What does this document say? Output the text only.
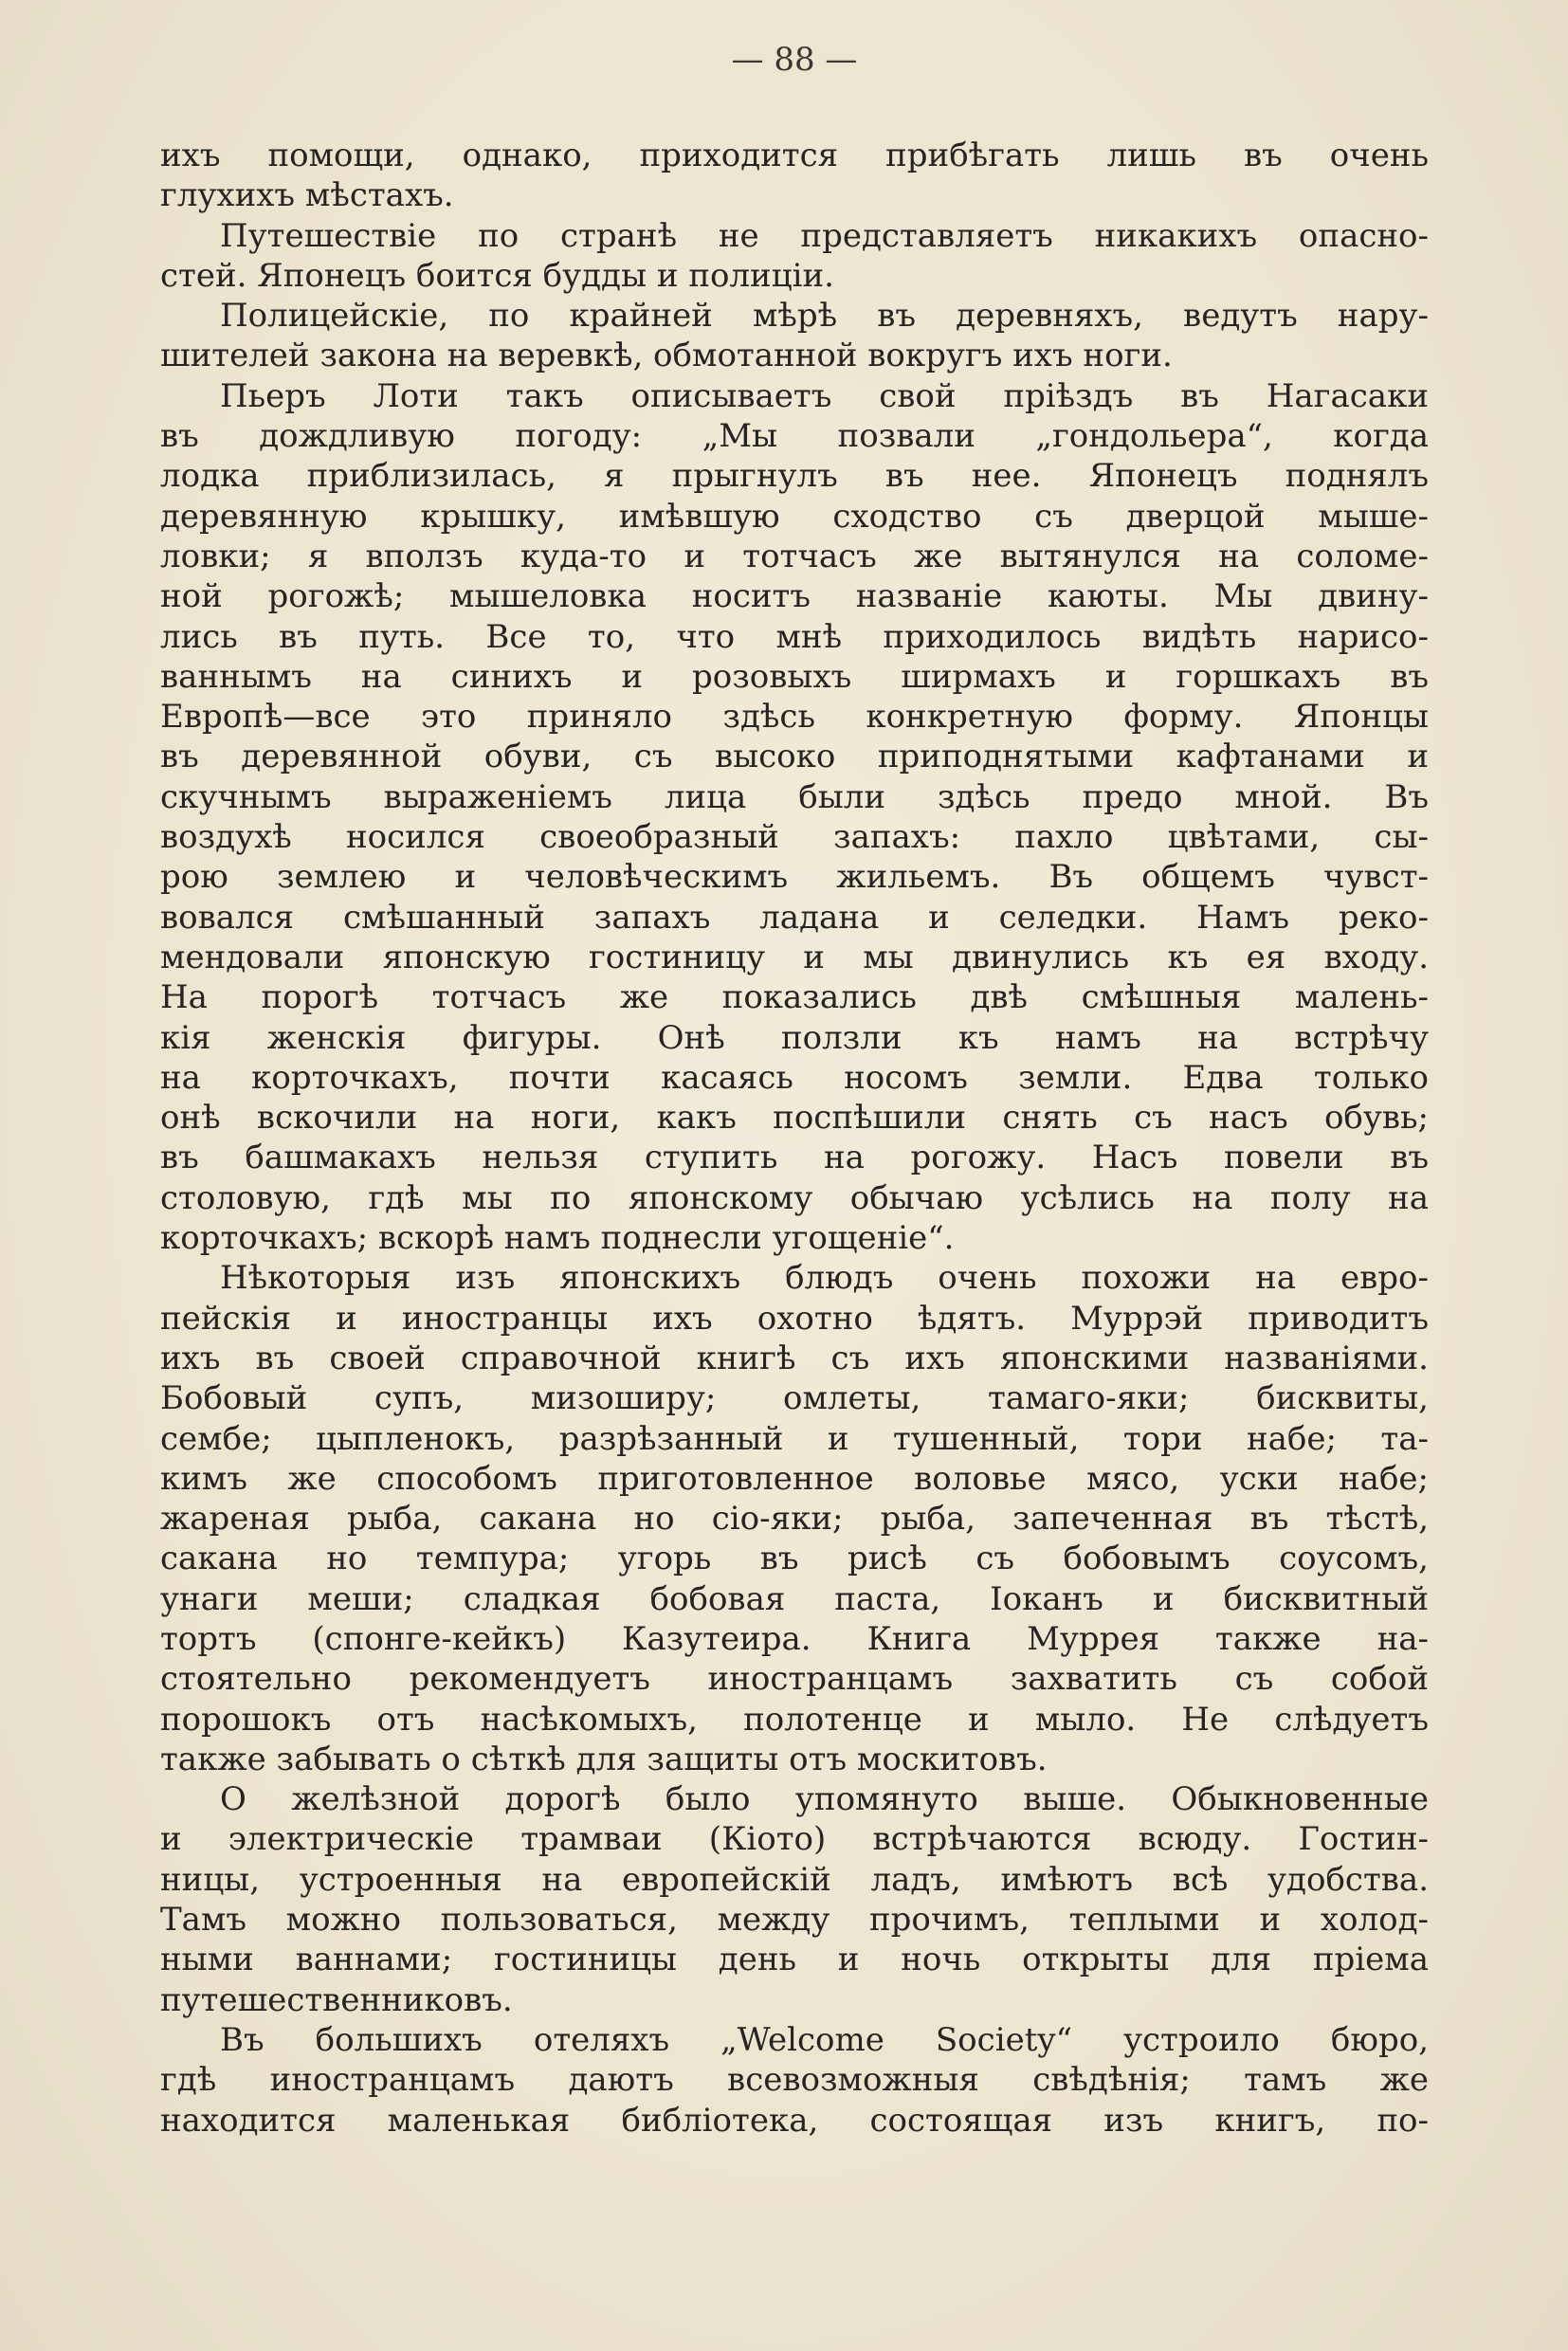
— 88 —
ихъ помощи, однако, приходится прибѣгать лишь въ очень
глухихъ мѣстахъ.
Путешествіе по странѣ не представляетъ никакихъ опасно-
стей. Японецъ боится будды и полиціи.
Полицейскіе, по крайней мѣрѣ въ деревняхъ, ведутъ нару-
шителей закона на веревкѣ, обмотанной вокругъ ихъ ноги.
Пьеръ Лоти такъ описываетъ свой пріѣздъ въ Нагасаки
въ дождливую погоду: „Мы позвали „гондольера“, когда
лодка приблизилась, я прыгнулъ въ нее. Японецъ поднялъ
деревянную крышку, имѣвшую сходство съ дверцой мыше-
ловки; я вползъ куда-то и тотчасъ же вытянулся на соломе-
ной рогожѣ; мышеловка носитъ названіе каюты. Мы двину-
лись въ путь. Все то, что мнѣ приходилось видѣть нарисо-
ваннымъ на синихъ и розовыхъ ширмахъ и горшкахъ въ
Европѣ—все это приняло здѣсь конкретную форму. Японцы
въ деревянной обуви, съ высоко приподнятыми кафтанами и
скучнымъ выраженіемъ лица были здѣсь предо мной. Въ
воздухѣ носился своеобразный запахъ: пахло цвѣтами, сы-
рою землею и человѣческимъ жильемъ. Въ общемъ чувст-
вовался смѣшанный запахъ ладана и селедки. Намъ реко-
мендовали японскую гостиницу и мы двинулись къ ея входу.
На порогѣ тотчасъ же показались двѣ смѣшныя малень-
кія женскія фигуры. Онѣ ползли къ намъ на встрѣчу
на корточкахъ, почти касаясь носомъ земли. Едва только
онѣ вскочили на ноги, какъ поспѣшили снять съ насъ обувь;
въ башмакахъ нельзя ступить на рогожу. Насъ повели въ
столовую, гдѣ мы по японскому обычаю усѣлись на полу на
корточкахъ; вскорѣ намъ поднесли угощеніе“.
Нѣкоторыя изъ японскихъ блюдъ очень похожи на евро-
пейскія и иностранцы ихъ охотно ѣдятъ. Муррэй приводитъ
ихъ въ своей справочной книгѣ съ ихъ японскими названіями.
Бобовый супъ, мизоширу; омлеты, тамаго-яки; бисквиты,
сембе; цыпленокъ, разрѣзанный и тушенный, тори набе; та-
кимъ же способомъ приготовленное воловье мясо, уски набе;
жареная рыба, сакана но сіо-яки; рыба, запеченная въ тѣстѣ,
сакана но темпура; угорь въ рисѣ съ бобовымъ соусомъ,
унаги меши; сладкая бобовая паста, Іоканъ и бисквитный
тортъ (спонге-кейкъ) Казутеира. Книга Муррея также на-
стоятельно рекомендуетъ иностранцамъ захватить съ собой
порошокъ отъ насѣкомыхъ, полотенце и мыло. Не слѣдуетъ
также забывать о сѣткѣ для защиты отъ москитовъ.
О желѣзной дорогѣ было упомянуто выше. Обыкновенные
и электрическіе трамваи (Кіото) встрѣчаются всюду. Гостин-
ницы, устроенныя на европейскій ладъ, имѣютъ всѣ удобства.
Тамъ можно пользоваться, между прочимъ, теплыми и холод-
ными ваннами; гостиницы день и ночь открыты для пріема
путешественниковъ.
Въ большихъ отеляхъ „Welcome Society“ устроило бюро,
гдѣ иностранцамъ даютъ всевозможныя свѣдѣнія; тамъ же
находится маленькая библіотека, состоящая изъ книгъ, по-
